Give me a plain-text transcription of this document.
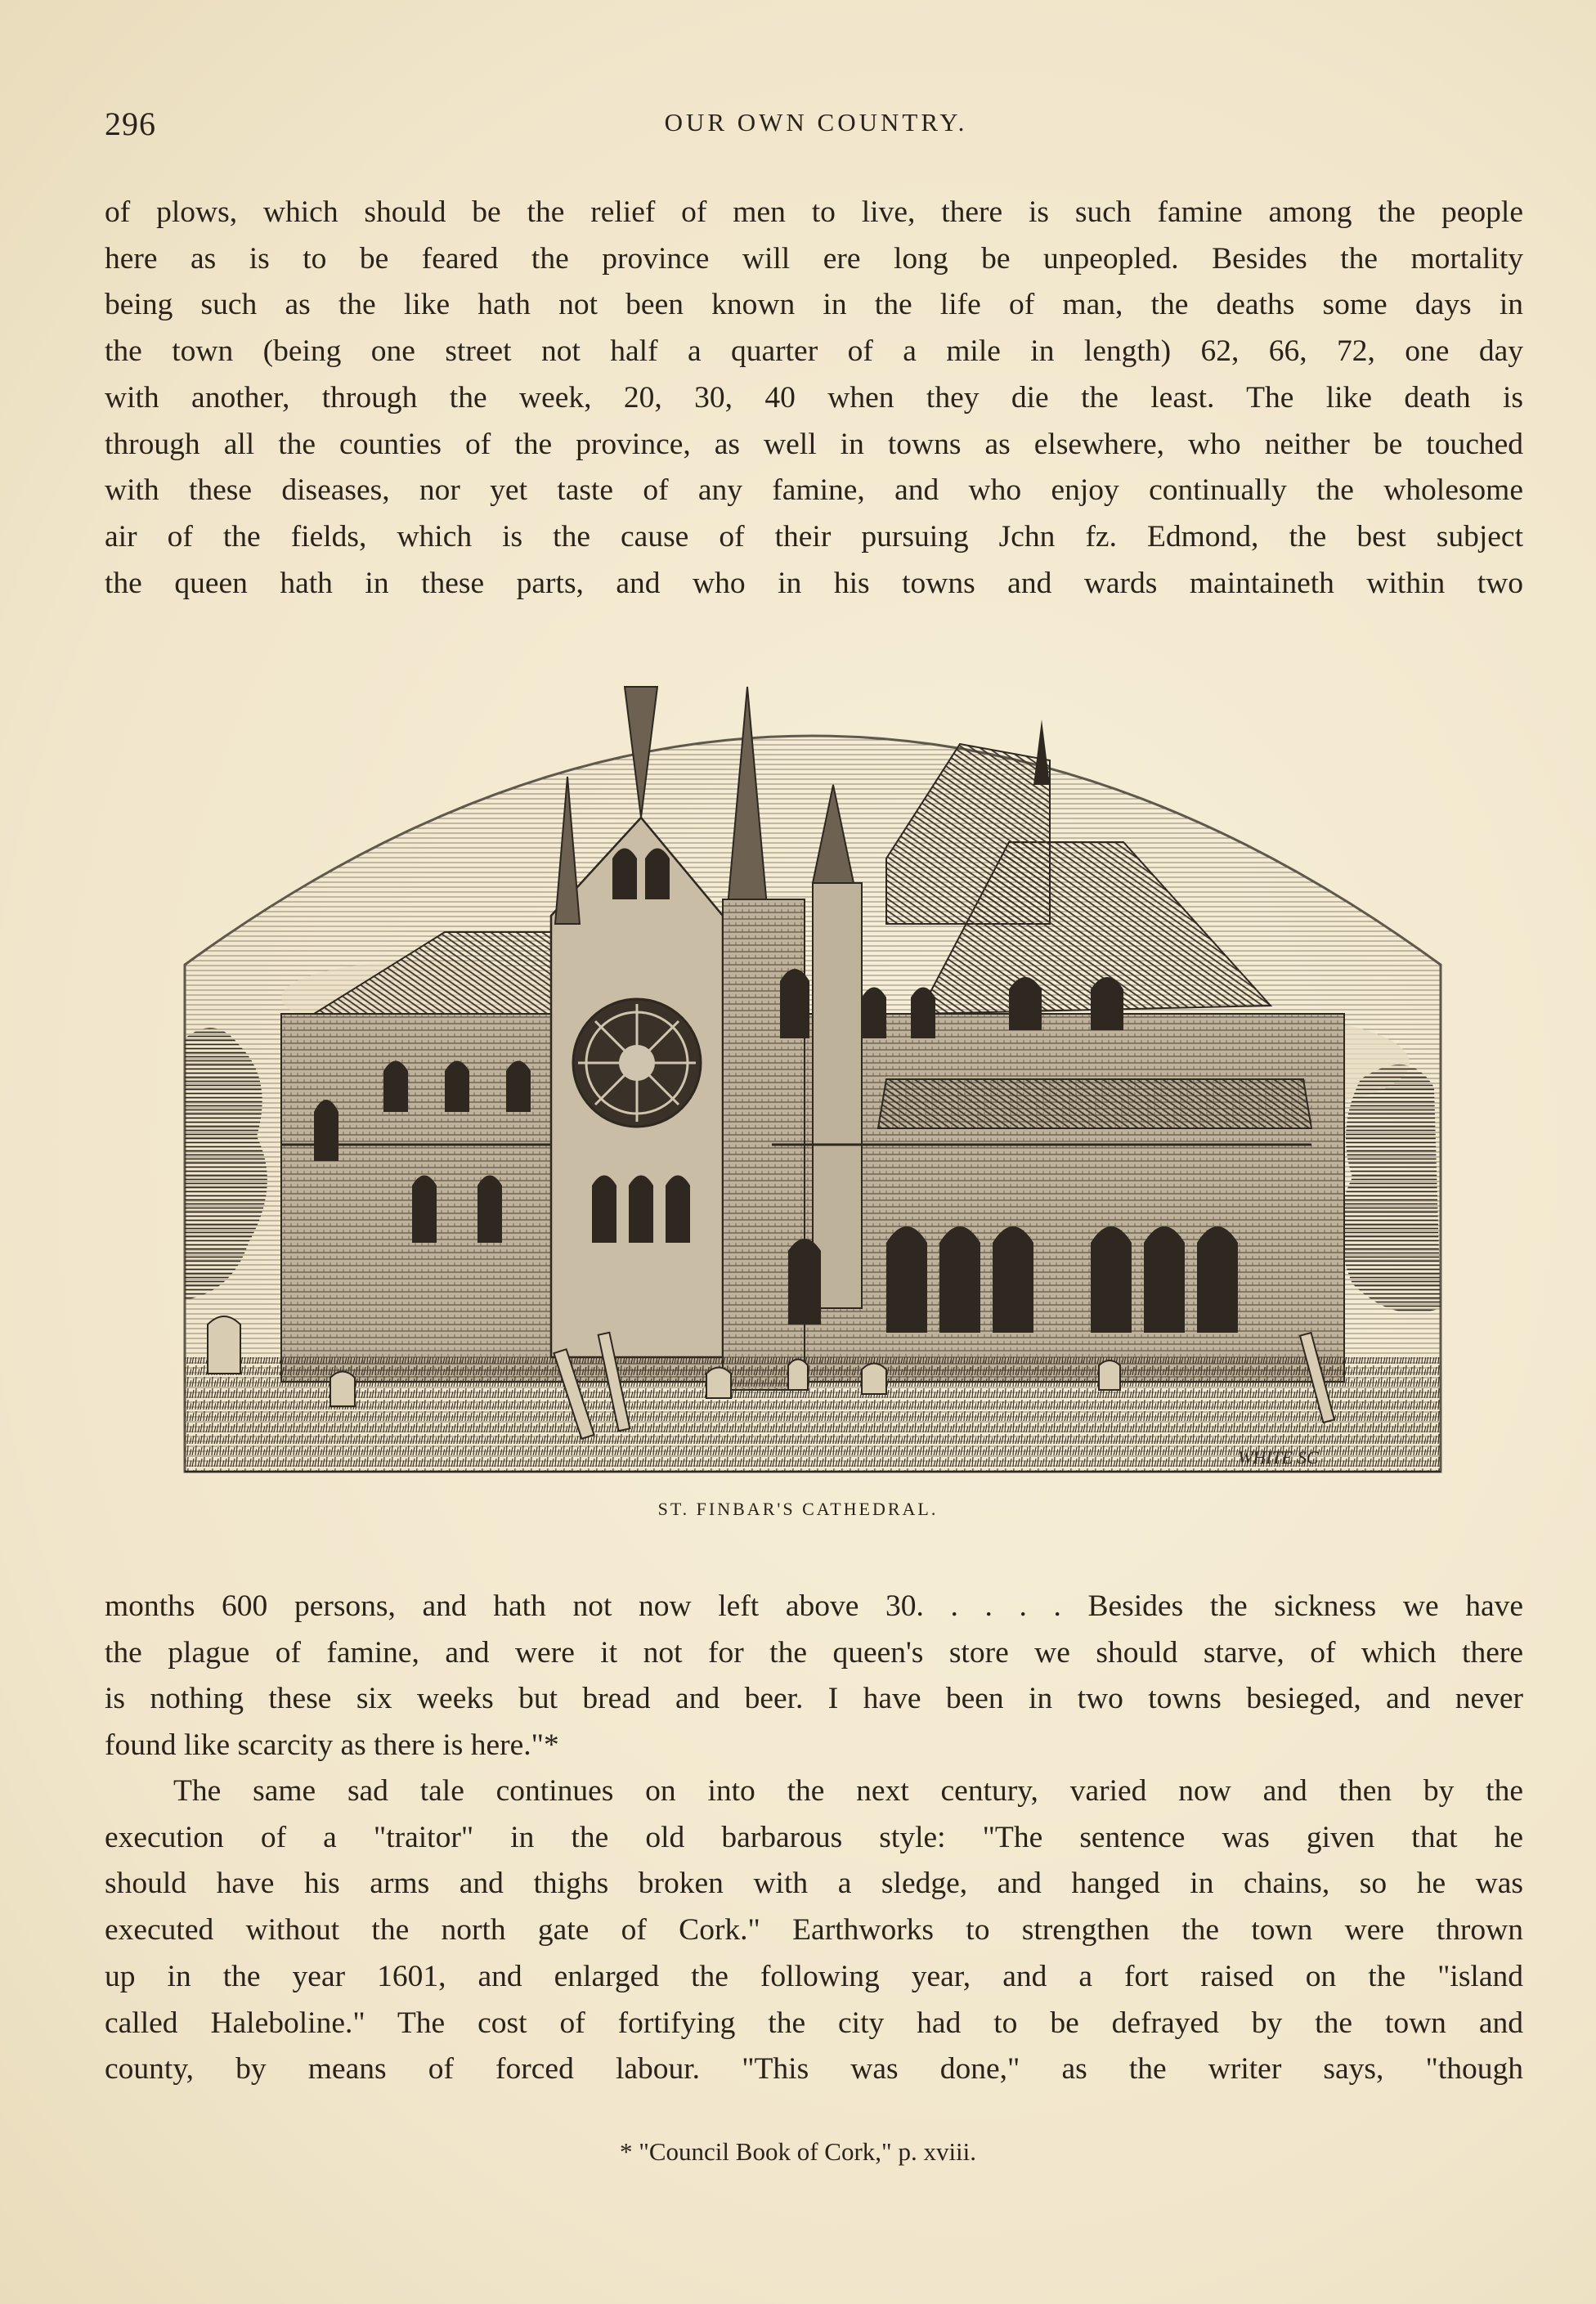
296	OUR OWN COUNTRY.
of plows, which should be the relief of men to live, there is such famine among the people
here as is to be feared the province will ere long be unpeopled. Besides the mortality
being such as the like hath not been known in the life of man, the deaths some days in
the town (being one street not half a quarter of a mile in length) 62, 66, 72, one day
with another, through the week, 20, 30, 40 when they die the least. The like death is
through all the counties of the province, as well in towns as elsewhere, who neither be touched
with these diseases, nor yet taste of any famine, and who enjoy continually the wholesome
air of the fields, which is the cause of their pursuing Jchn fz. Edmond, the best subject
the queen hath in these parts, and who in his towns and wards maintaineth within two
WHITE SC
ST. FINBAR'S CATHEDRAL.
months 600 persons, and hath not now left above 30. . . . . Besides the sickness we have
the plague of famine, and were it not for the queen's store we should starve, of which there
is nothing these six weeks but bread and beer. I have been in two towns besieged, and never
found like scarcity as there is here."*
The same sad tale continues on into the next century, varied now and then by the
execution of a "traitor" in the old barbarous style: "The sentence was given that he
should have his arms and thighs broken with a sledge, and hanged in chains, so he was
executed without the north gate of Cork." Earthworks to strengthen the town were thrown
up in the year 1601, and enlarged the following year, and a fort raised on the "island
called Haleboline." The cost of fortifying the city had to be defrayed by the town and
county, by means of forced labour. "This was done," as the writer says, "though
* "Council Book of Cork," p. xviii.
